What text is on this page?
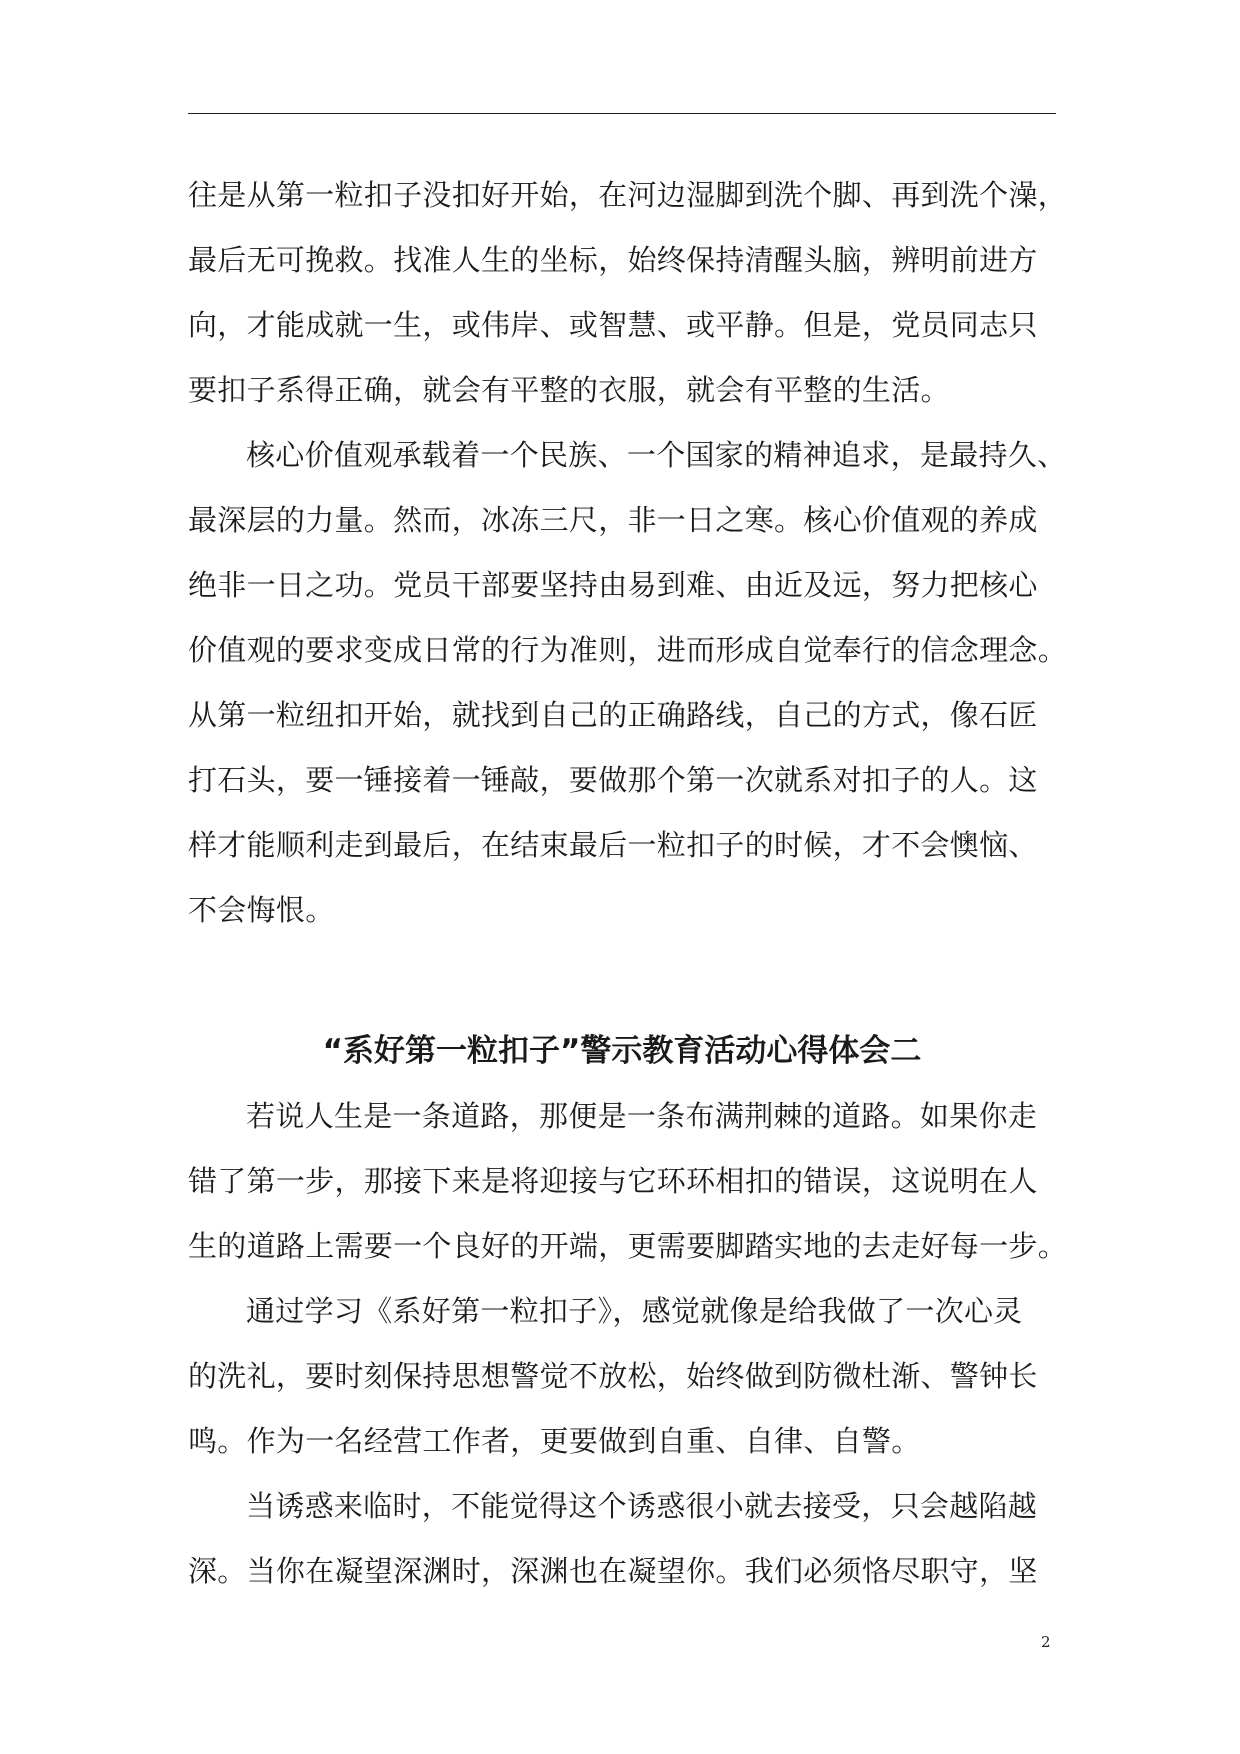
往是从第一粒扣子没扣好开始，在河边湿脚到洗个脚、再到洗个澡，
最后无可挽救。找准人生的坐标，始终保持清醒头脑，辨明前进方
向，才能成就一生，或伟岸、或智慧、或平静。但是，党员同志只
要扣子系得正确，就会有平整的衣服，就会有平整的生活。
核心价值观承载着一个民族、一个国家的精神追求，是最持久、
最深层的力量。然而，冰冻三尺，非一日之寒。核心价值观的养成
绝非一日之功。党员干部要坚持由易到难、由近及远，努力把核心
价值观的要求变成日常的行为准则，进而形成自觉奉行的信念理念。
从第一粒纽扣开始，就找到自己的正确路线，自己的方式，像石匠
打石头，要一锤接着一锤敲，要做那个第一次就系对扣子的人。这
样才能顺利走到最后，在结束最后一粒扣子的时候，才不会懊恼、
不会悔恨。
“系好第一粒扣子”警示教育活动心得体会二
若说人生是一条道路，那便是一条布满荆棘的道路。如果你走
错了第一步，那接下来是将迎接与它环环相扣的错误，这说明在人
生的道路上需要一个良好的开端，更需要脚踏实地的去走好每一步。
通过学习《系好第一粒扣子》，感觉就像是给我做了一次心灵
的洗礼，要时刻保持思想警觉不放松，始终做到防微杜渐、警钟长
鸣。作为一名经营工作者，更要做到自重、自律、自警。
当诱惑来临时，不能觉得这个诱惑很小就去接受，只会越陷越
深。当你在凝望深渊时，深渊也在凝望你。我们必须恪尽职守，坚
2
